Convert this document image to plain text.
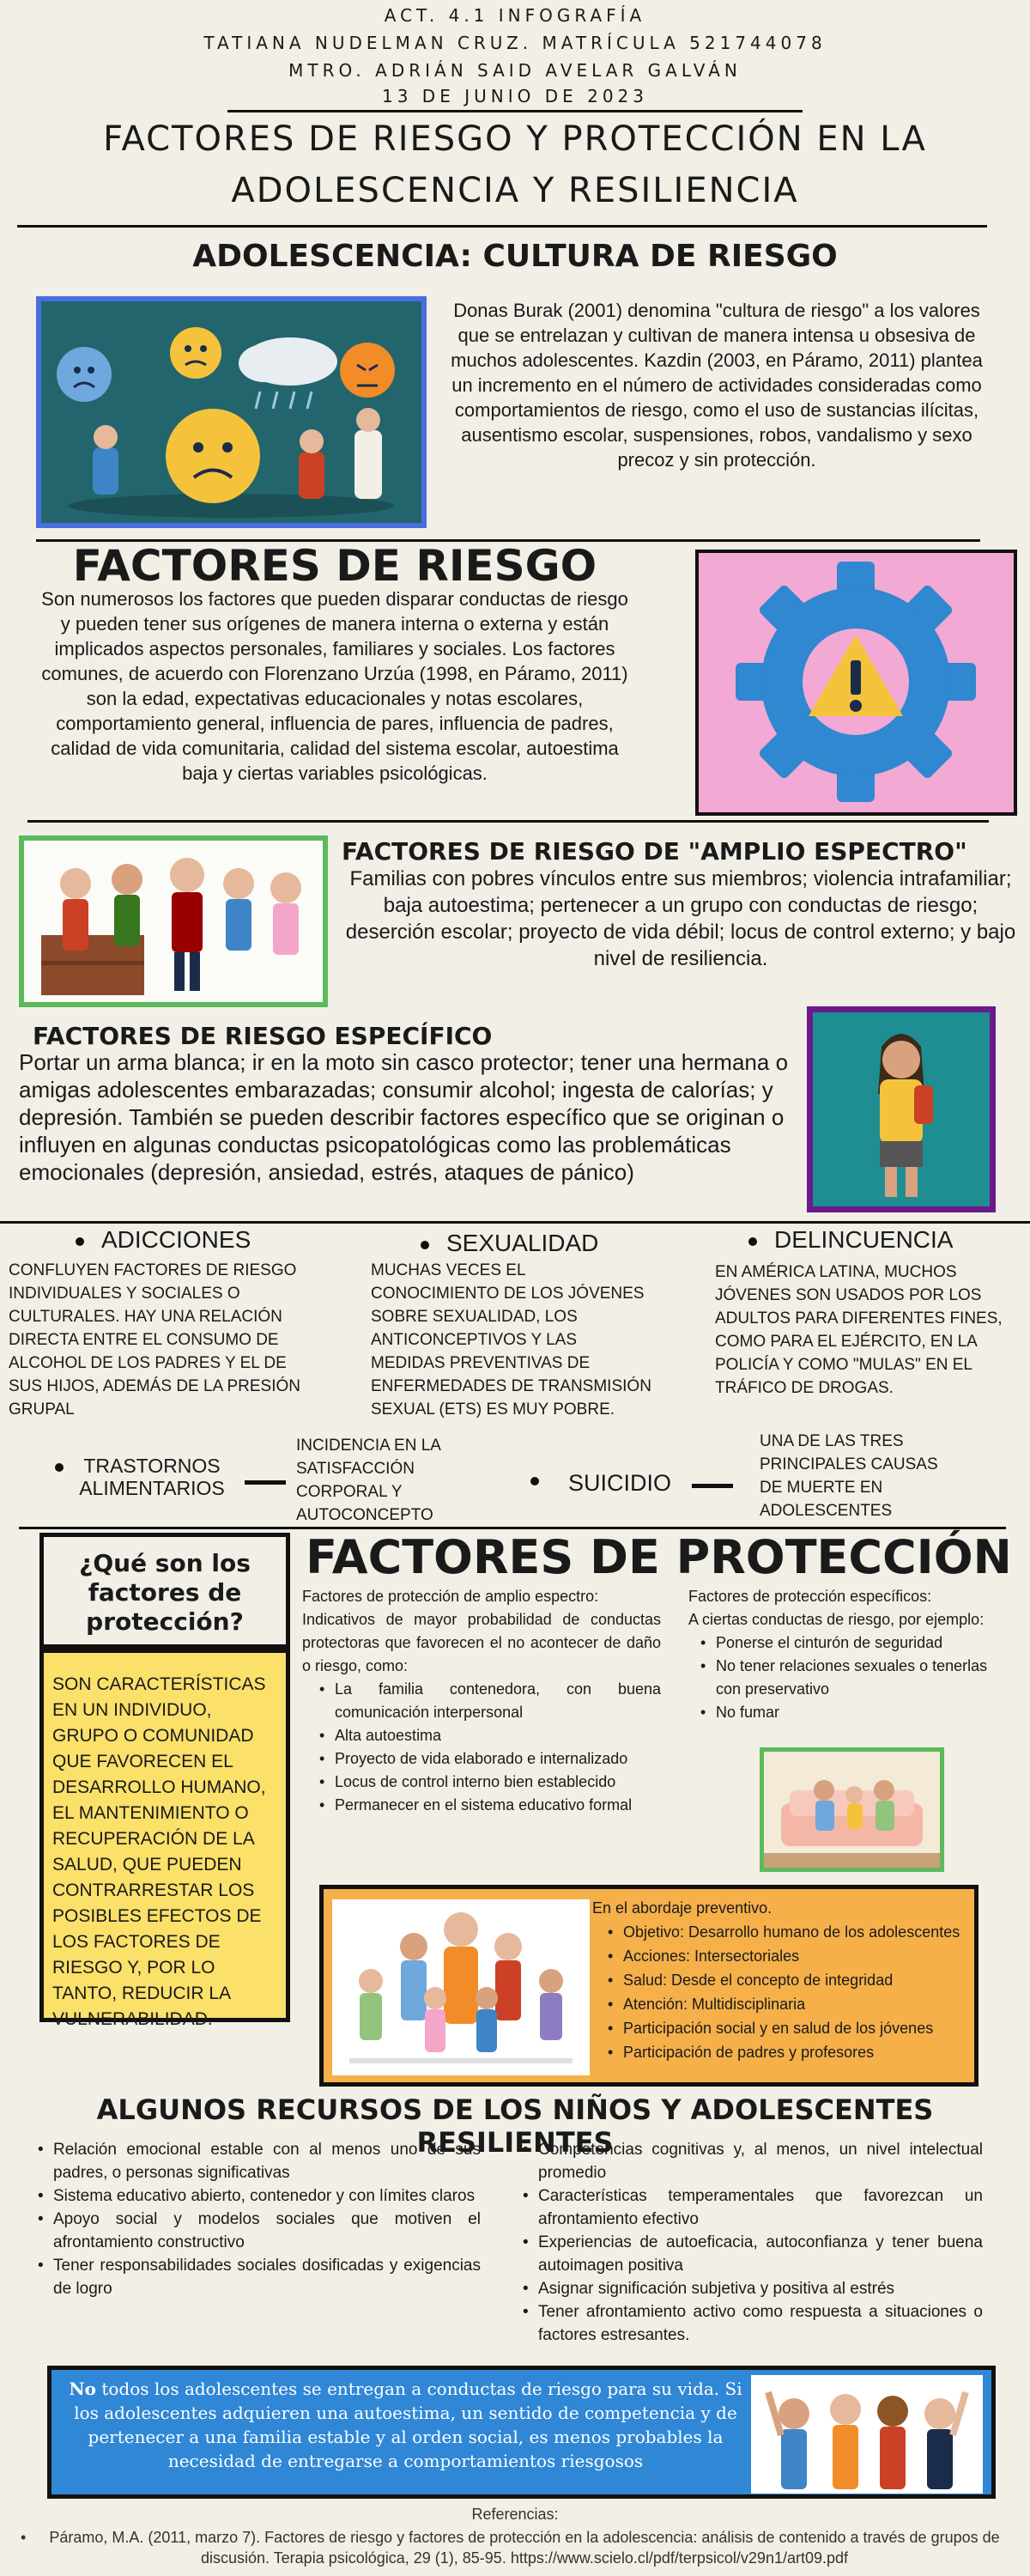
ACT. 4.1 INFOGRAFÍA
TATIANA NUDELMAN CRUZ. MATRÍCULA 521744078
MTRO. ADRIÁN SAID AVELAR GALVÁN
13 DE JUNIO DE 2023
FACTORES DE RIESGO Y PROTECCIÓN EN LA
ADOLESCENCIA Y RESILIENCIA
ADOLESCENCIA: CULTURA DE RIESGO
Donas Burak (2001) denomina "cultura de riesgo" a los valores que se entrelazan y cultivan de manera intensa u obsesiva de muchos adolescentes. Kazdin (2003, en Páramo, 2011) plantea un incremento en el número de actividades consideradas como comportamientos de riesgo, como el uso de sustancias ilícitas, ausentismo escolar, suspensiones, robos, vandalismo y sexo precoz y sin protección.
FACTORES DE RIESGO
Son numerosos los factores que pueden disparar conductas de riesgo y pueden tener sus orígenes de manera interna o externa y están implicados aspectos personales, familiares y sociales. Los factores comunes, de acuerdo con Florenzano Urzúa (1998, en Páramo, 2011) son la edad, expectativas educacionales y notas escolares, comportamiento general, influencia de pares, influencia de padres, calidad de vida comunitaria, calidad del sistema escolar, autoestima baja y ciertas variables psicológicas.
FACTORES DE RIESGO DE "AMPLIO ESPECTRO"
Familias con pobres vínculos entre sus miembros; violencia intrafamiliar; baja autoestima; pertenecer a un grupo con conductas de riesgo; deserción escolar; proyecto de vida débil; locus de control externo; y bajo nivel de resiliencia.
FACTORES DE RIESGO ESPECÍFICO
Portar un arma blanca; ir en la moto sin casco protector; tener una hermana o amigas adolescentes embarazadas; consumir alcohol; ingesta de calorías; y depresión. También se pueden describir factores específico que se originan o influyen en algunas conductas psicopatológicas como las problemáticas emocionales (depresión, ansiedad, estrés, ataques de pánico)
ADICCIONES
CONFLUYEN FACTORES DE RIESGO INDIVIDUALES Y SOCIALES O CULTURALES. HAY UNA RELACIÓN DIRECTA ENTRE EL CONSUMO DE ALCOHOL DE LOS PADRES Y EL DE SUS HIJOS, ADEMÁS DE LA PRESIÓN GRUPAL
SEXUALIDAD
MUCHAS VECES EL CONOCIMIENTO DE LOS JÓVENES SOBRE SEXUALIDAD, LOS ANTICONCEPTIVOS Y LAS MEDIDAS PREVENTIVAS DE ENFERMEDADES DE TRANSMISIÓN SEXUAL (ETS) ES MUY POBRE.
DELINCUENCIA
EN AMÉRICA LATINA, MUCHOS JÓVENES SON USADOS POR LOS ADULTOS PARA DIFERENTES FINES, COMO PARA EL EJÉRCITO, EN LA POLICÍA Y COMO "MULAS" EN EL TRÁFICO DE DROGAS.
TRASTORNOS ALIMENTARIOS
INCIDENCIA EN LA SATISFACCIÓN CORPORAL Y AUTOCONCEPTO
SUICIDIO
UNA DE LAS TRES PRINCIPALES CAUSAS DE MUERTE EN ADOLESCENTES
¿Qué son los factores de protección?
SON CARACTERÍSTICAS EN UN INDIVIDUO, GRUPO O COMUNIDAD QUE FAVORECEN EL DESARROLLO HUMANO, EL MANTENIMIENTO O RECUPERACIÓN DE LA SALUD, QUE PUEDEN CONTRARRESTAR LOS POSIBLES EFECTOS DE LOS FACTORES DE RIESGO Y, POR LO TANTO, REDUCIR LA VULNERABILIDAD.
FACTORES DE PROTECCIÓN
Factores de protección de amplio espectro:
Indicativos de mayor probabilidad de conductas protectoras que favorecen el no acontecer de daño o riesgo, como:
• La familia contenedora, con buena comunicación interpersonal
• Alta autoestima
• Proyecto de vida elaborado e internalizado
• Locus de control interno bien establecido
• Permanecer en el sistema educativo formal
Factores de protección específicos:
A ciertas conductas de riesgo, por ejemplo:
• Ponerse el cinturón de seguridad
• No tener relaciones sexuales o tenerlas con preservativo
• No fumar
En el abordaje preventivo.
• Objetivo: Desarrollo humano de los adolescentes
• Acciones: Intersectoriales
• Salud: Desde el concepto de integridad
• Atención: Multidisciplinaria
• Participación social y en salud de los jóvenes
• Participación de padres y profesores
ALGUNOS RECURSOS DE LOS NIÑOS Y ADOLESCENTES RESILIENTES
• Relación emocional estable con al menos uno de sus padres, o personas significativas
• Sistema educativo abierto, contenedor y con límites claros
• Apoyo social y modelos sociales que motiven el afrontamiento constructivo
• Tener responsabilidades sociales dosificadas y exigencias de logro
• Competencias cognitivas y, al menos, un nivel intelectual promedio
• Características temperamentales que favorezcan un afrontamiento efectivo
• Experiencias de autoeficacia, autoconfianza y tener buena autoimagen positiva
• Asignar significación subjetiva y positiva al estrés
• Tener afrontamiento activo como respuesta a situaciones o factores estresantes.
No todos los adolescentes se entregan a conductas de riesgo para su vida. Si los adolescentes adquieren una autoestima, un sentido de competencia y de pertenecer a una familia estable y al orden social, es menos probables la necesidad de entregarse a comportamientos riesgosos
Referencias:
• Páramo, M.A. (2011, marzo 7). Factores de riesgo y factores de protección en la adolescencia: análisis de contenido a través de grupos de discusión. Terapia psicológica, 29 (1), 85-95. https://www.scielo.cl/pdf/terpsicol/v29n1/art09.pdf
